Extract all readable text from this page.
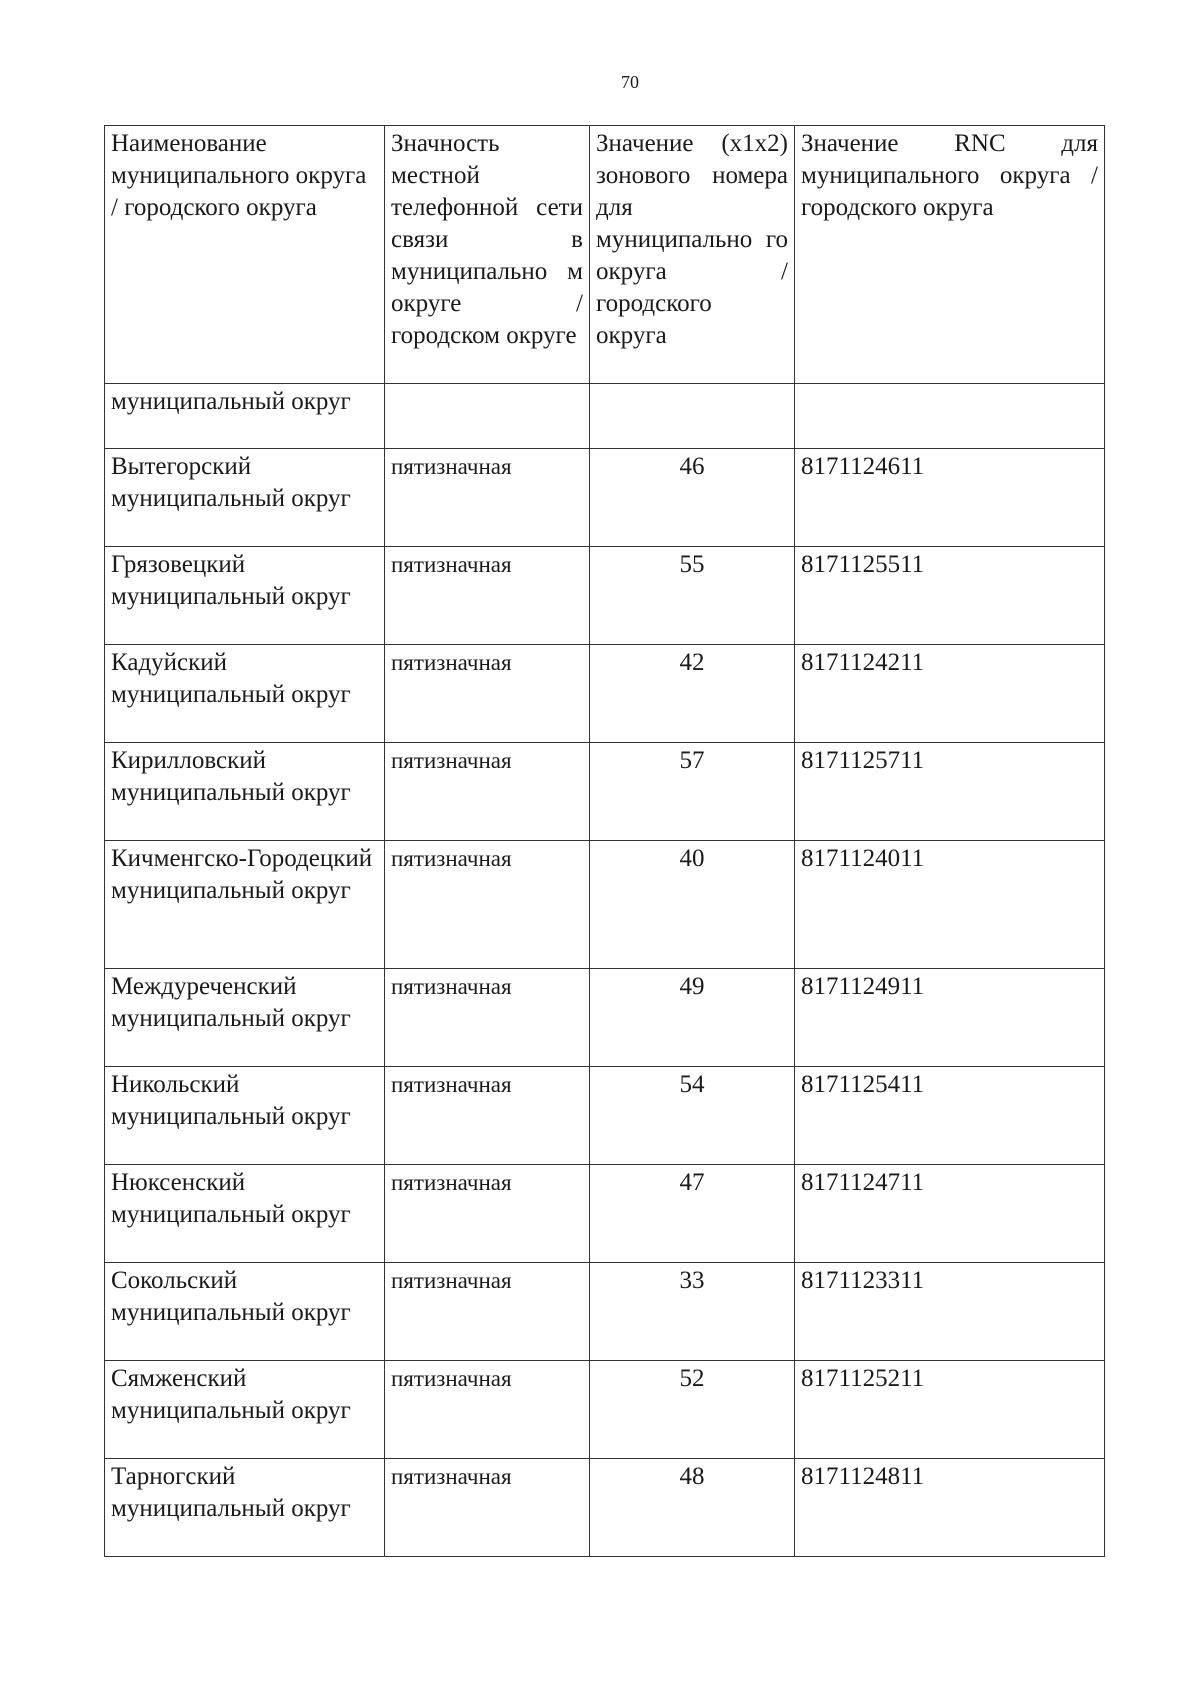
70
Наименование муниципального округа / городского округа	Значность местной телефонной сети связи в муниципально м округе / городском округе	Значение (x1x2) зонового номера для муниципально го округа / городского округа	Значение RNC для муниципального округа / городского округа
муниципальный округ			
Вытегорский муниципальный округ	пятизначная	46	8171124611
Грязовецкий муниципальный округ	пятизначная	55	8171125511
Кадуйский муниципальный округ	пятизначная	42	8171124211
Кирилловский муниципальный округ	пятизначная	57	8171125711
Кичменгско-Городецкий муниципальный округ	пятизначная	40	8171124011
Междуреченский муниципальный округ	пятизначная	49	8171124911
Никольский муниципальный округ	пятизначная	54	8171125411
Нюксенский муниципальный округ	пятизначная	47	8171124711
Сокольский муниципальный округ	пятизначная	33	8171123311
Сямженский муниципальный округ	пятизначная	52	8171125211
Тарногский муниципальный округ	пятизначная	48	8171124811
